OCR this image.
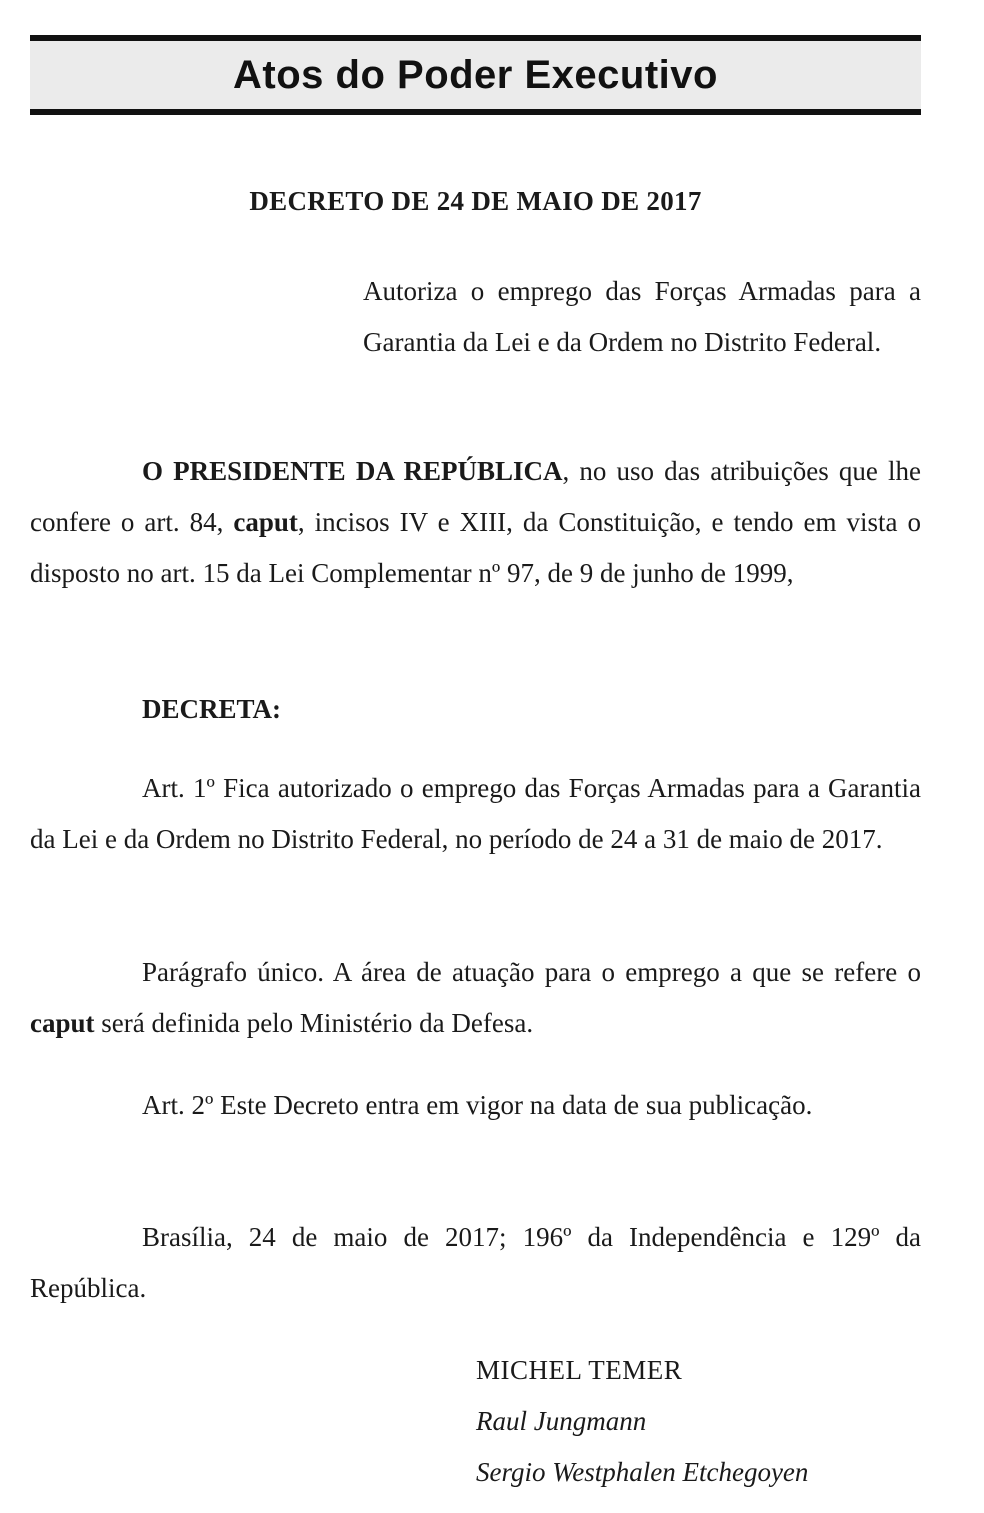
Atos do Poder Executivo
DECRETO DE 24 DE MAIO DE 2017
Autoriza o emprego das Forças Armadas para a Garantia da Lei e da Ordem no Distrito Federal.
O PRESIDENTE DA REPÚBLICA, no uso das atribuições que lhe confere o art. 84, caput, incisos IV e XIII, da Constituição, e tendo em vista o disposto no art. 15 da Lei Complementar nº 97, de 9 de junho de 1999,
DECRETA:
Art. 1º Fica autorizado o emprego das Forças Armadas para a Garantia da Lei e da Ordem no Distrito Federal, no período de 24 a 31 de maio de 2017.
Parágrafo único. A área de atuação para o emprego a que se refere o caput será definida pelo Ministério da Defesa.
Art. 2º Este Decreto entra em vigor na data de sua publicação.
Brasília, 24 de maio de 2017; 196º da Independência e 129º da República.
MICHEL TEMER
Raul Jungmann
Sergio Westphalen Etchegoyen
